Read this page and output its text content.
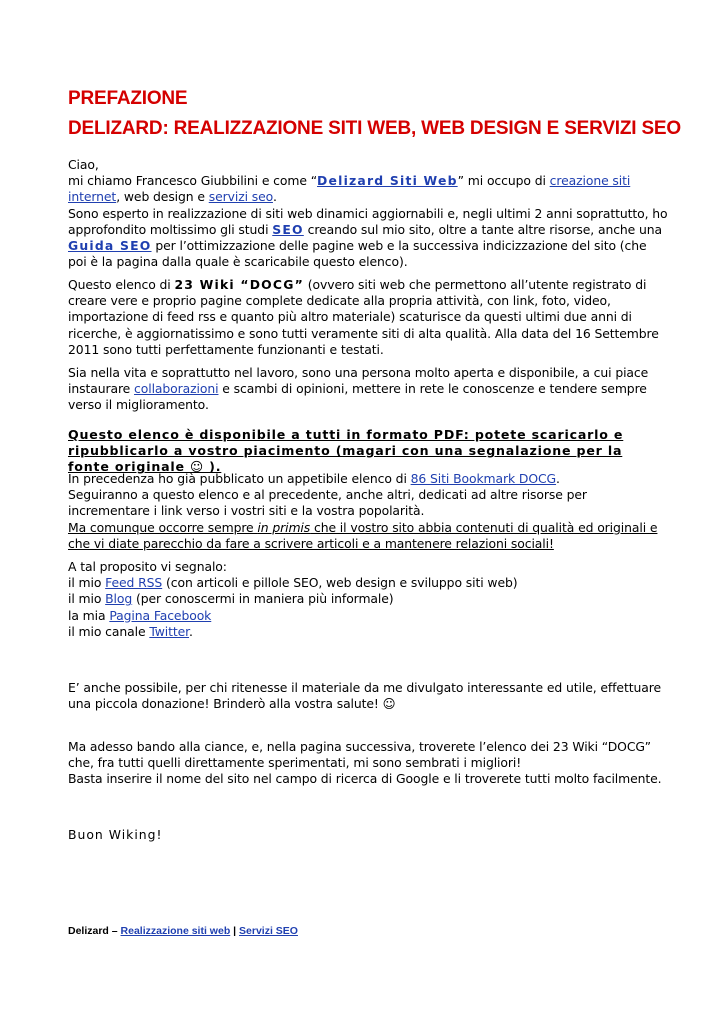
PREFAZIONE
DELIZARD: REALIZZAZIONE SITI WEB, WEB DESIGN E SERVIZI SEO

Ciao,

mi chiamo Francesco Giubbilini e come “Delizard Siti Web” mi occupo di creazione siti internet, web design e servizi seo.

Sono esperto in realizzazione di siti web dinamici aggiornabili e, negli ultimi 2 anni soprattutto, ho approfondito moltissimo gli studi SEO creando sul mio sito, oltre a tante altre risorse, anche una Guida SEO per l’ottimizzazione delle pagine web e la successiva indicizzazione del sito (che poi è la pagina dalla quale è scaricabile questo elenco).

Questo elenco di 23 Wiki “DOCG” (ovvero siti web che permettono all’utente registrato di creare vere e proprio pagine complete dedicate alla propria attività, con link, foto, video, importazione di feed rss e quanto più altro materiale) scaturisce da questi ultimi due anni di ricerche, è aggiornatissimo e sono tutti veramente siti di alta qualità. Alla data del 16 Settembre 2011 sono tutti perfettamente funzionanti e testati.

Sia nella vita e soprattutto nel lavoro, sono una persona molto aperta e disponibile, a cui piace instaurare collaborazioni e scambi di opinioni, mettere in rete le conoscenze e tendere sempre verso il miglioramento.

Questo elenco è disponibile a tutti in formato PDF: potete scaricarlo e ripubblicarlo a vostro piacimento (magari con una segnalazione per la fonte originale ☺ ).

In precedenza ho già pubblicato un appetibile elenco di 86 Siti Bookmark DOCG.

Seguiranno a questo elenco e al precedente, anche altri, dedicati ad altre risorse per incrementare i link verso i vostri siti e la vostra popolarità.

Ma comunque occorre sempre in primis che il vostro sito abbia contenuti di qualità ed originali e che vi diate parecchio da fare a scrivere articoli e a mantenere relazioni sociali!

A tal proposito vi segnalo:

il mio Feed RSS (con articoli e pillole SEO, web design e sviluppo siti web)

il mio Blog (per conoscermi in maniera più informale)

la mia Pagina Facebook

il mio canale Twitter.

E’ anche possibile, per chi ritenesse il materiale da me divulgato interessante ed utile, effettuare una piccola donazione! Brinderò alla vostra salute! ☺

Ma adesso bando alla ciance, e, nella pagina successiva, troverete l’elenco dei 23 Wiki “DOCG” che, fra tutti quelli direttamente sperimentati, mi sono sembrati i migliori!

Basta inserire il nome del sito nel campo di ricerca di Google e li troverete tutti molto facilmente.

Buon Wiking!
Delizard – Realizzazione siti web | Servizi SEO
